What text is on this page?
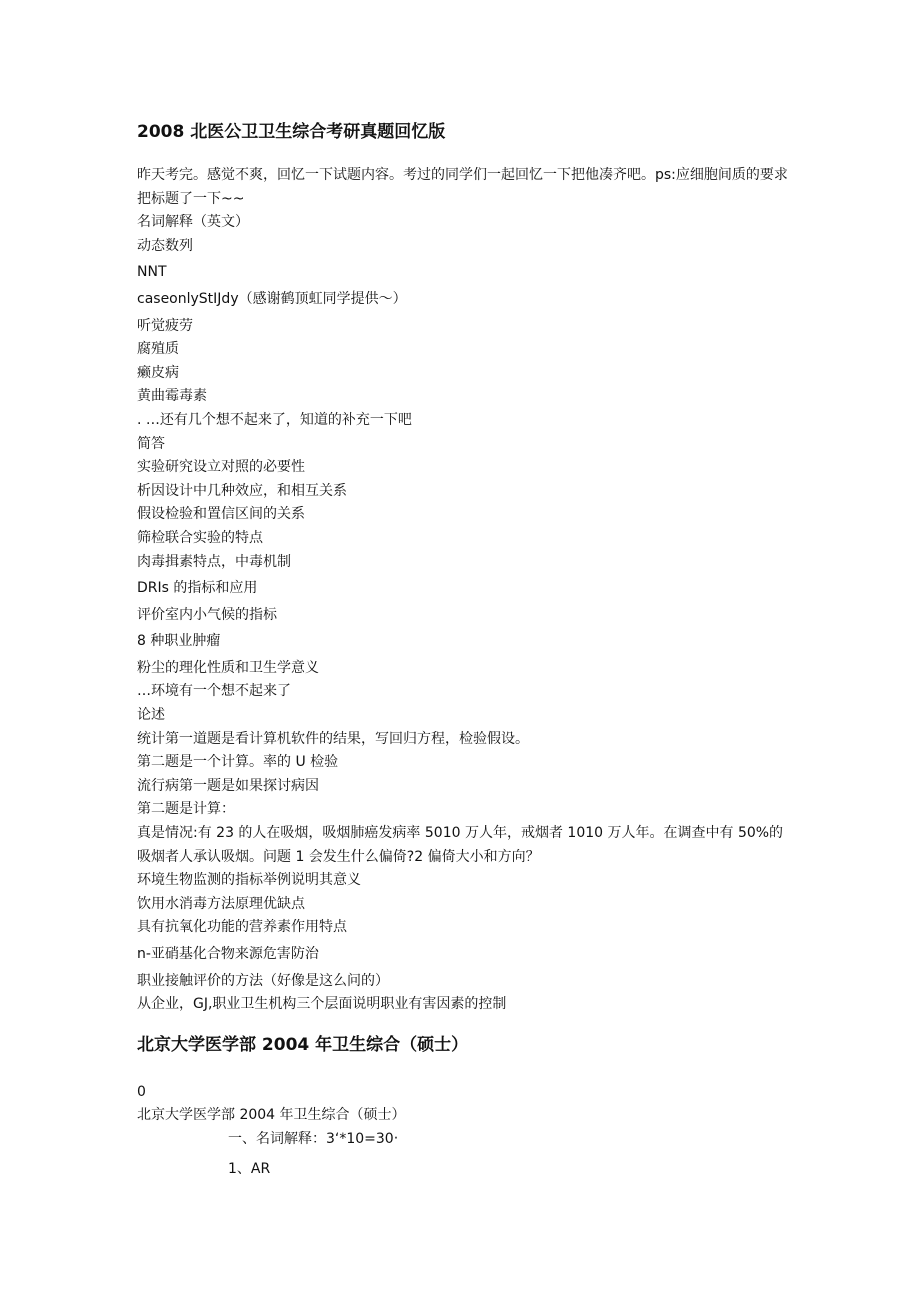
2008 北医公卫卫生综合考研真题回忆版
昨天考完。感觉不爽，回忆一下试题内容。考过的同学们一起回忆一下把他凑齐吧。ps:应细胞间质的要求把标题了一下~~
名词解释（英文）
动态数列
NNT
caseonlyStIJdy（感谢鹤顶虹同学提供～）
听觉疲劳
腐殖质
癞皮病
黄曲霉毒素
. …还有几个想不起来了，知道的补充一下吧
简答
实验研究设立对照的必要性
析因设计中几种效应，和相互关系
假设检验和置信区间的关系
筛检联合实验的特点
肉毒揖素特点，中毒机制
DRIs 的指标和应用
评价室内小气候的指标
8 种职业肿瘤
粉尘的理化性质和卫生学意义
…环境有一个想不起来了
论述
统计第一道题是看计算机软件的结果，写回归方程，检验假设。
第二题是一个计算。率的 U 检验
流行病第一题是如果探讨病因
第二题是计算：
真是情况:有 23 的人在吸烟，吸烟肺癌发病率 5010 万人年，戒烟者 1010 万人年。在调查中有 50%的吸烟者人承认吸烟。问题 1 会发生什么偏倚?2 偏倚大小和方向？
环境生物监测的指标举例说明其意义
饮用水消毒方法原理优缺点
具有抗氧化功能的营养素作用特点
n-亚硝基化合物来源危害防治
职业接触评价的方法（好像是这么问的）
从企业，GJ,职业卫生机构三个层面说明职业有害因素的控制
北京大学医学部 2004 年卫生综合（硕士）
0
北京大学医学部 2004 年卫生综合（硕士）
一、名词解释：3‘*10=30‧
1、AR
